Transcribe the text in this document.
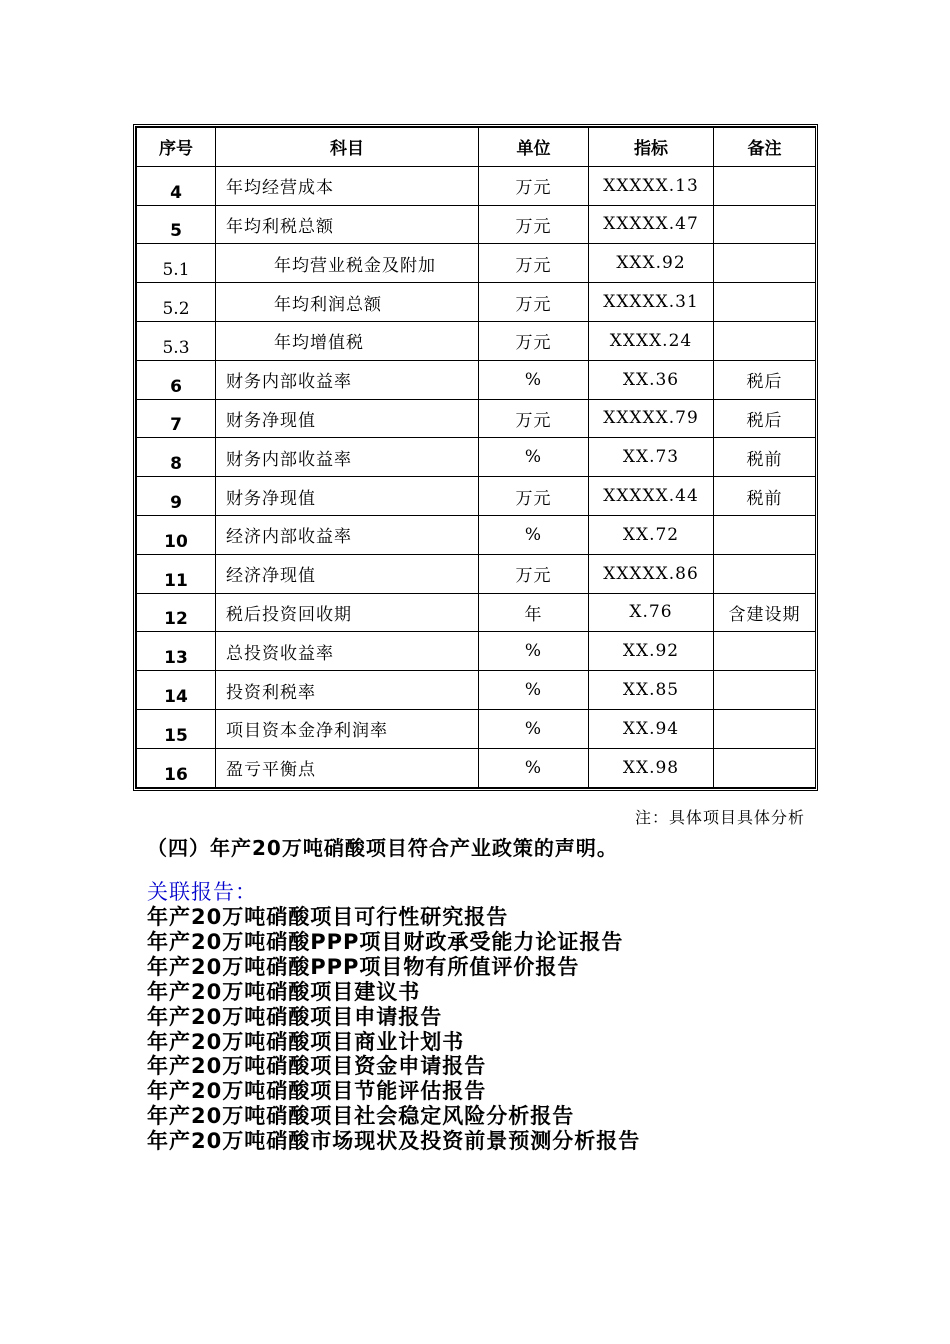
序号	科目	单位	指标	备注
4	年均经营成本	万元	XXXXX.13	
5	年均利税总额	万元	XXXXX.47	
5.1	年均营业税金及附加	万元	XXX.92	
5.2	年均利润总额	万元	XXXXX.31	
5.3	年均增值税	万元	XXXX.24	
6	财务内部收益率	%	XX.36	税后
7	财务净现值	万元	XXXXX.79	税后
8	财务内部收益率	%	XX.73	税前
9	财务净现值	万元	XXXXX.44	税前
10	经济内部收益率	%	XX.72	
11	经济净现值	万元	XXXXX.86	
12	税后投资回收期	年	X.76	含建设期
13	总投资收益率	%	XX.92	
14	投资利税率	%	XX.85	
15	项目资本金净利润率	%	XX.94	
16	盈亏平衡点	%	XX.98	
注：具体项目具体分析
（四）年产20万吨硝酸项目符合产业政策的声明。
关联报告：
年产20万吨硝酸项目可行性研究报告
年产20万吨硝酸PPP项目财政承受能力论证报告
年产20万吨硝酸PPP项目物有所值评价报告
年产20万吨硝酸项目建议书
年产20万吨硝酸项目申请报告
年产20万吨硝酸项目商业计划书
年产20万吨硝酸项目资金申请报告
年产20万吨硝酸项目节能评估报告
年产20万吨硝酸项目社会稳定风险分析报告
年产20万吨硝酸市场现状及投资前景预测分析报告
